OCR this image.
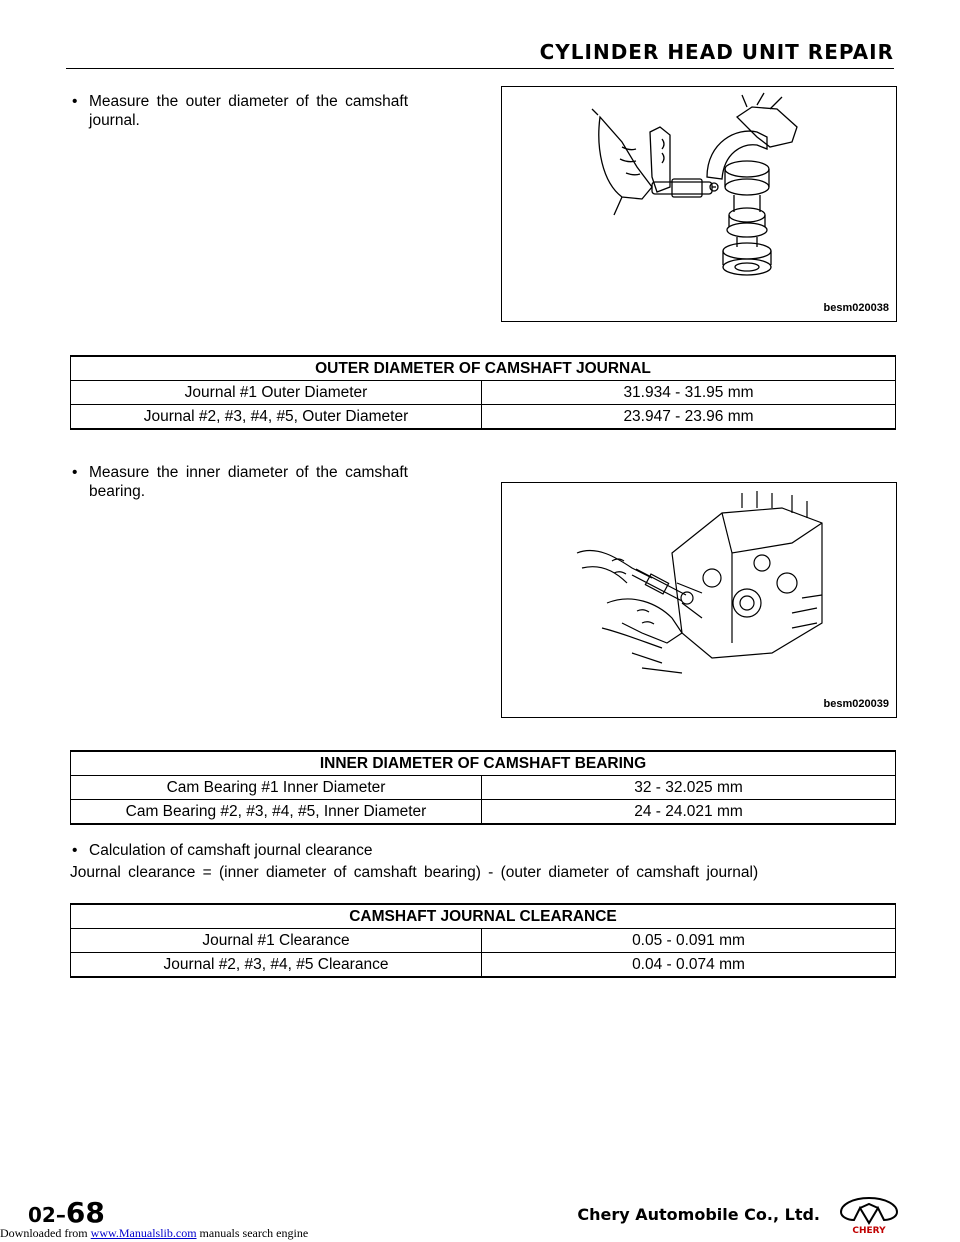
CYLINDER HEAD UNIT REPAIR
• Measure the outer diameter of the camshaft journal.
besm020038
OUTER DIAMETER OF CAMSHAFT JOURNAL	
Journal #1 Outer Diameter	31.934 - 31.95 mm
Journal #2, #3, #4, #5, Outer Diameter	23.947 - 23.96 mm
• Measure the inner diameter of the camshaft bearing.
besm020039
INNER DIAMETER OF CAMSHAFT BEARING	
Cam Bearing #1 Inner Diameter	32 - 32.025 mm
Cam Bearing #2, #3, #4, #5, Inner Diameter	24 - 24.021 mm
• Calculation of camshaft journal clearance
Journal clearance = (inner diameter of camshaft bearing) - (outer diameter of camshaft journal)
CAMSHAFT JOURNAL CLEARANCE	
Journal #1 Clearance	0.05 - 0.091 mm
Journal #2, #3, #4, #5 Clearance	0.04 - 0.074 mm
02–68	Chery Automobile Co., Ltd.
CHERY
Downloaded from www.Manualslib.com manuals search engine
